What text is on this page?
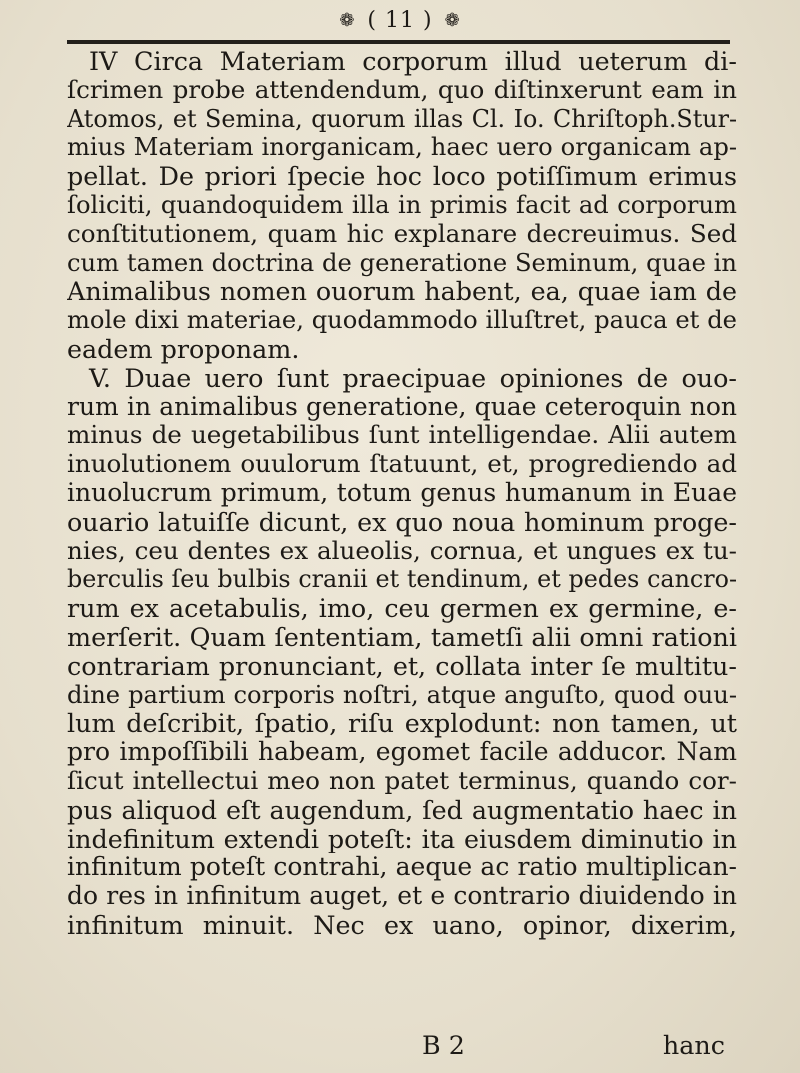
❁ ( 11 ) ❁
IV Circa Materiam corporum illud ueterum di-
ſcrimen probe attendendum, quo diſtinxerunt eam in
Atomos, et Semina, quorum illas Cl. Io. Chriſtoph.Stur-
mius Materiam inorganicam, haec uero organicam ap-
pellat. De priori ſpecie hoc loco potiſſimum erimus
ſoliciti, quandoquidem illa in primis facit ad corporum
conſtitutionem, quam hic explanare decreuimus. Sed
cum tamen doctrina de generatione Seminum, quae in
Animalibus nomen ouorum habent, ea, quae iam de
mole dixi materiae, quodammodo illuſtret, pauca et de
eadem proponam.
V. Duae uero ſunt praecipuae opiniones de ouo-
rum in animalibus generatione, quae ceteroquin non
minus de uegetabilibus ſunt intelligendae. Alii autem
inuolutionem ouulorum ſtatuunt, et, progrediendo ad
inuolucrum primum, totum genus humanum in Euae
ouario latuiſſe dicunt, ex quo noua hominum proge-
nies, ceu dentes ex alueolis, cornua, et ungues ex tu-
berculis ſeu bulbis cranii et tendinum, et pedes cancro-
rum ex acetabulis, imo, ceu germen ex germine, e-
merſerit. Quam ſententiam, tametſi alii omni rationi
contrariam pronunciant, et, collata inter ſe multitu-
dine partium corporis noſtri, atque anguſto, quod ouu-
lum deſcribit, ſpatio, riſu explodunt: non tamen, ut
pro impoſſibili habeam, egomet facile adducor. Nam
ſicut intellectui meo non patet terminus, quando cor-
pus aliquod eſt augendum, ſed augmentatio haec in
indefinitum extendi poteſt: ita eiusdem diminutio in
infinitum poteſt contrahi, aeque ac ratio multiplican-
do res in infinitum auget, et e contrario diuidendo in
infinitum minuit. Nec ex uano, opinor, dixerim,
B 2	hanc
